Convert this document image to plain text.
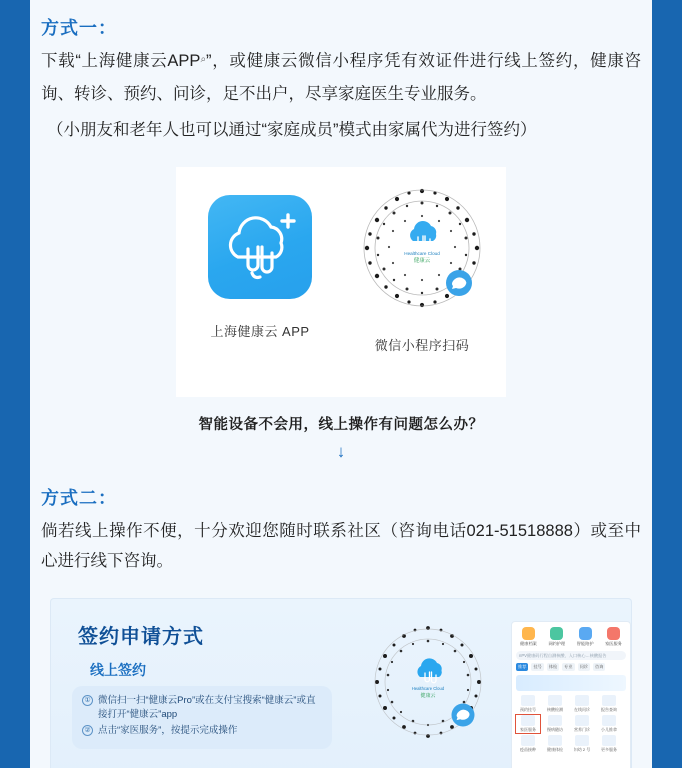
方式一：

下载“上海健康云APP⌕”，或健康云微信小程序凭有效证件进行线上签约，健康咨询、转诊、预约、问诊，足不出户，尽享家庭医生专业服务。

（小朋友和老年人也可以通过“家庭成员”模式由家属代为进行签约）

上海健康云 APP
Healthcare Cloud
健康云
微信小程序扫码
智能设备不会用，线上操作有问题怎么办？
↓
方式二：

倘若线上操作不便，十分欢迎您随时联系社区（咨询电话021-51518888）或至中心进行线下咨询。

签约申请方式
线上签约
① 微信扫一扫“健康云Pro”或在支付宝搜索“健康云”或直接打开“健康云”app
② 点击“家医服务”，按提示完成操作
Healthcare Cloud
健康云
健康档案	网约护理	智能陪护	家医服务
nPV健康码行程自测核酸、入口核心…核酸报告
推荐	挂号	体检	专业	问诊	咨询
预约挂号	核酸检测	在线问诊	报告查询
家医服务	慢病随访	营养门诊	小儿推拿
疫苗接种	健康体检	妇幼 2 号	更多服务
